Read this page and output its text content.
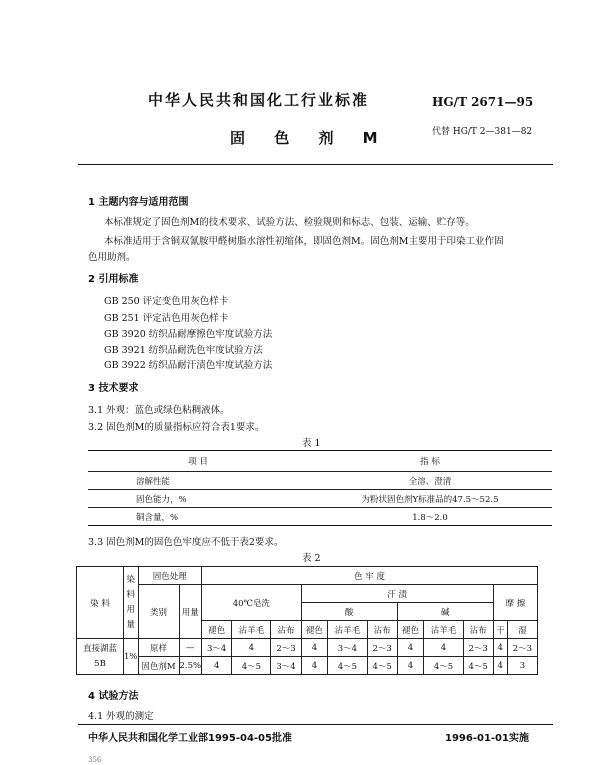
中华人民共和国化工行业标准	HG/T 2671—95
固 色 剂 M	代替 HG/T 2—381—82
1 主题内容与适用范围
本标准规定了固色剂M的技术要求、试验方法、检验规则和标志、包装、运输、贮存等。
本标准适用于含铜双氰胺甲醛树脂水溶性初缩体，即固色剂M。固色剂M主要用于印染工业作固
色用助剂。
2 引用标准
GB 250 评定变色用灰色样卡
GB 251 评定沾色用灰色样卡
GB 3920 纺织品耐摩擦色牢度试验方法
GB 3921 纺织品耐洗色牢度试验方法
GB 3922 纺织品耐汗渍色牢度试验方法
3 技术要求
3.1 外观：蓝色或绿色粘稠液体。
3.2 固色剂M的质量指标应符合表1要求。
表 1
项 目	指 标
溶解性能	全溶、澄清
固色能力，%	为粉状固色剂Y标准品的47.5～52.5
铜含量，%	1.8～2.0
3.3 固色剂M的固色色牢度应不低于表2要求。
表 2
染 料	染料用量	固色处理		色 牢 度										
		类别	用量	40℃皂洗			汗 渍						摩 擦	
							酸			碱				
				褪色	沾羊毛	沾布	褪色	沾羊毛	沾布	褪色	沾羊毛	沾布	干	湿

直接湖蓝
5B	1%	原样	—	3～4	4	2～3	4	3～4	2～3	4	4	2～3	4	2～3
		固色剂M	2.5%	4	4～5	3～4	4	4～5	4～5	4	4～5	4～5	4	3
4 试验方法
4.1 外观的测定
中华人民共和国化学工业部1995-04-05批准	1996-01-01实施
356
